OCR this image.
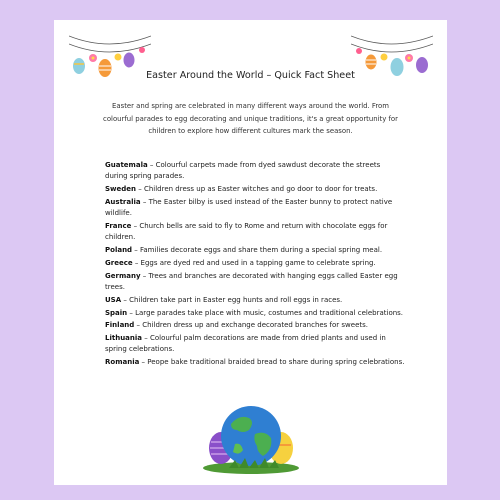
Easter Around the World – Quick Fact Sheet
Easter and spring are celebrated in many different ways around the world. From colourful parades to egg decorating and unique traditions, it's a great opportunity for children to explore how different cultures mark the season.
Guatemala – Colourful carpets made from dyed sawdust decorate the streets during spring parades.
Sweden – Children dress up as Easter witches and go door to door for treats.
Australia – The Easter bilby is used instead of the Easter bunny to protect native wildlife.
France – Church bells are said to fly to Rome and return with chocolate eggs for children.
Poland – Families decorate eggs and share them during a special spring meal.
Greece – Eggs are dyed red and used in a tapping game to celebrate spring.
Germany – Trees and branches are decorated with hanging eggs called Easter egg trees.
USA – Children take part in Easter egg hunts and roll eggs in races.
Spain – Large parades take place with music, costumes and traditional celebrations.
Finland – Children dress up and exchange decorated branches for sweets.
Lithuania – Colourful palm decorations are made from dried plants and used in spring celebrations.
Romania – Peope bake traditional braided bread to share during spring celebrations.
